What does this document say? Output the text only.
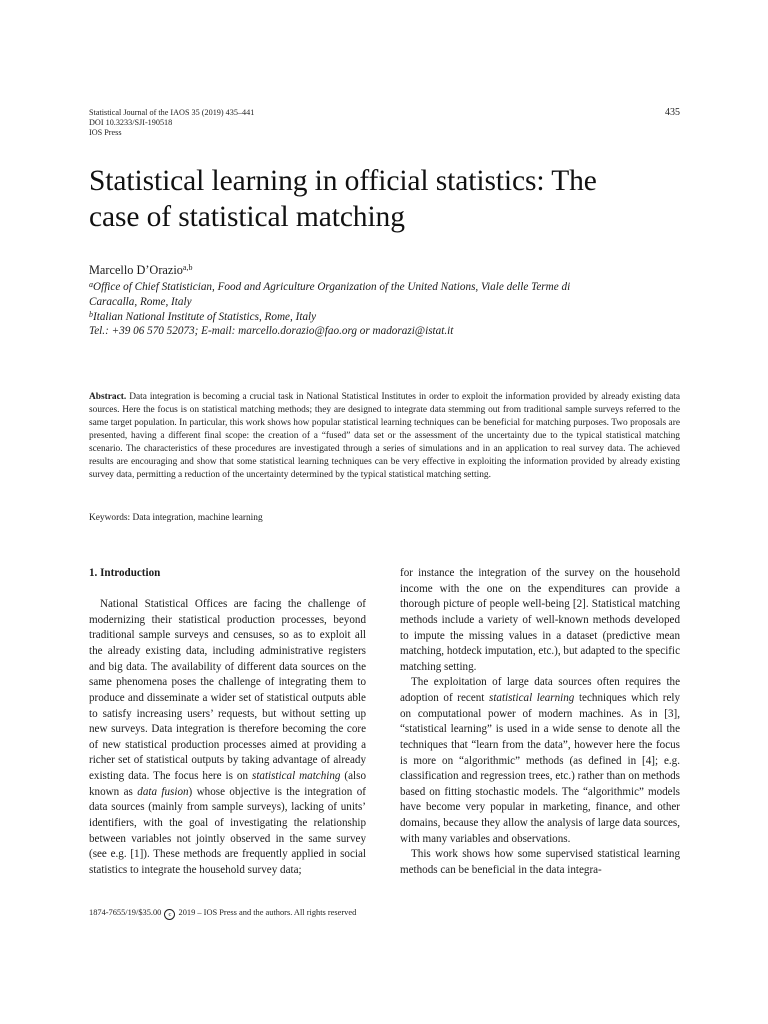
Statistical Journal of the IAOS 35 (2019) 435–441
DOI 10.3233/SJI-190518
IOS Press
435
Statistical learning in official statistics: The
case of statistical matching
Marcello D’Orazio$^{a,b}$
$^a$Office of Chief Statistician, Food and Agriculture Organization of the United Nations, Viale delle Terme di
Caracalla, Rome, Italy
$^b$Italian National Institute of Statistics, Rome, Italy
Tel.: +39 06 570 52073; E-mail: marcello.dorazio@fao.org or madorazi@istat.it
Abstract. Data integration is becoming a crucial task in National Statistical Institutes in order to exploit the information provided by already existing data sources. Here the focus is on statistical matching methods; they are designed to integrate data stemming out from traditional sample surveys referred to the same target population. In particular, this work shows how popular statistical learning techniques can be beneficial for matching purposes. Two proposals are presented, having a different final scope: the creation of a “fused” data set or the assessment of the uncertainty due to the typical statistical matching scenario. The characteristics of these procedures are investigated through a series of simulations and in an application to real survey data. The achieved results are encouraging and show that some statistical learning techniques can be very effective in exploiting the information provided by already existing survey data, permitting a reduction of the uncertainty determined by the typical statistical matching setting.
Keywords: Data integration, machine learning

1. Introduction

National Statistical Offices are facing the challenge of modernizing their statistical production processes, beyond traditional sample surveys and censuses, so as to exploit all the already existing data, including administrative registers and big data. The availability of different data sources on the same phenomena poses the challenge of integrating them to produce and disseminate a wider set of statistical outputs able to satisfy increasing users’ requests, but without setting up new surveys. Data integration is therefore becoming the core of new statistical production processes aimed at providing a richer set of statistical outputs by taking advantage of already existing data. The focus here is on statistical matching (also known as data fusion) whose objective is the integration of data sources (mainly from sample surveys), lacking of units’ identifiers, with the goal of investigating the relationship between variables not jointly observed in the same survey (see e.g. [1]). These methods are frequently applied in social statistics to integrate the household survey data;

for instance the integration of the survey on the household income with the one on the expenditures can provide a thorough picture of people well-being [2]. Statistical matching methods include a variety of well-known methods developed to impute the missing values in a dataset (predictive mean matching, hotdeck imputation, etc.), but adapted to the specific matching setting.

The exploitation of large data sources often requires the adoption of recent statistical learning techniques which rely on computational power of modern machines. As in [3], “statistical learning” is used in a wide sense to denote all the techniques that “learn from the data”, however here the focus is more on “algorithmic” methods (as defined in [4]; e.g. classification and regression trees, etc.) rather than on methods based on fitting stochastic models. The “algorithmic” models have become very popular in marketing, finance, and other domains, because they allow the analysis of large data sources, with many variables and observations.

This work shows how some supervised statistical learning methods can be beneficial in the data integra-

1874-7655/19/$35.00 c 2019 – IOS Press and the authors. All rights reserved
